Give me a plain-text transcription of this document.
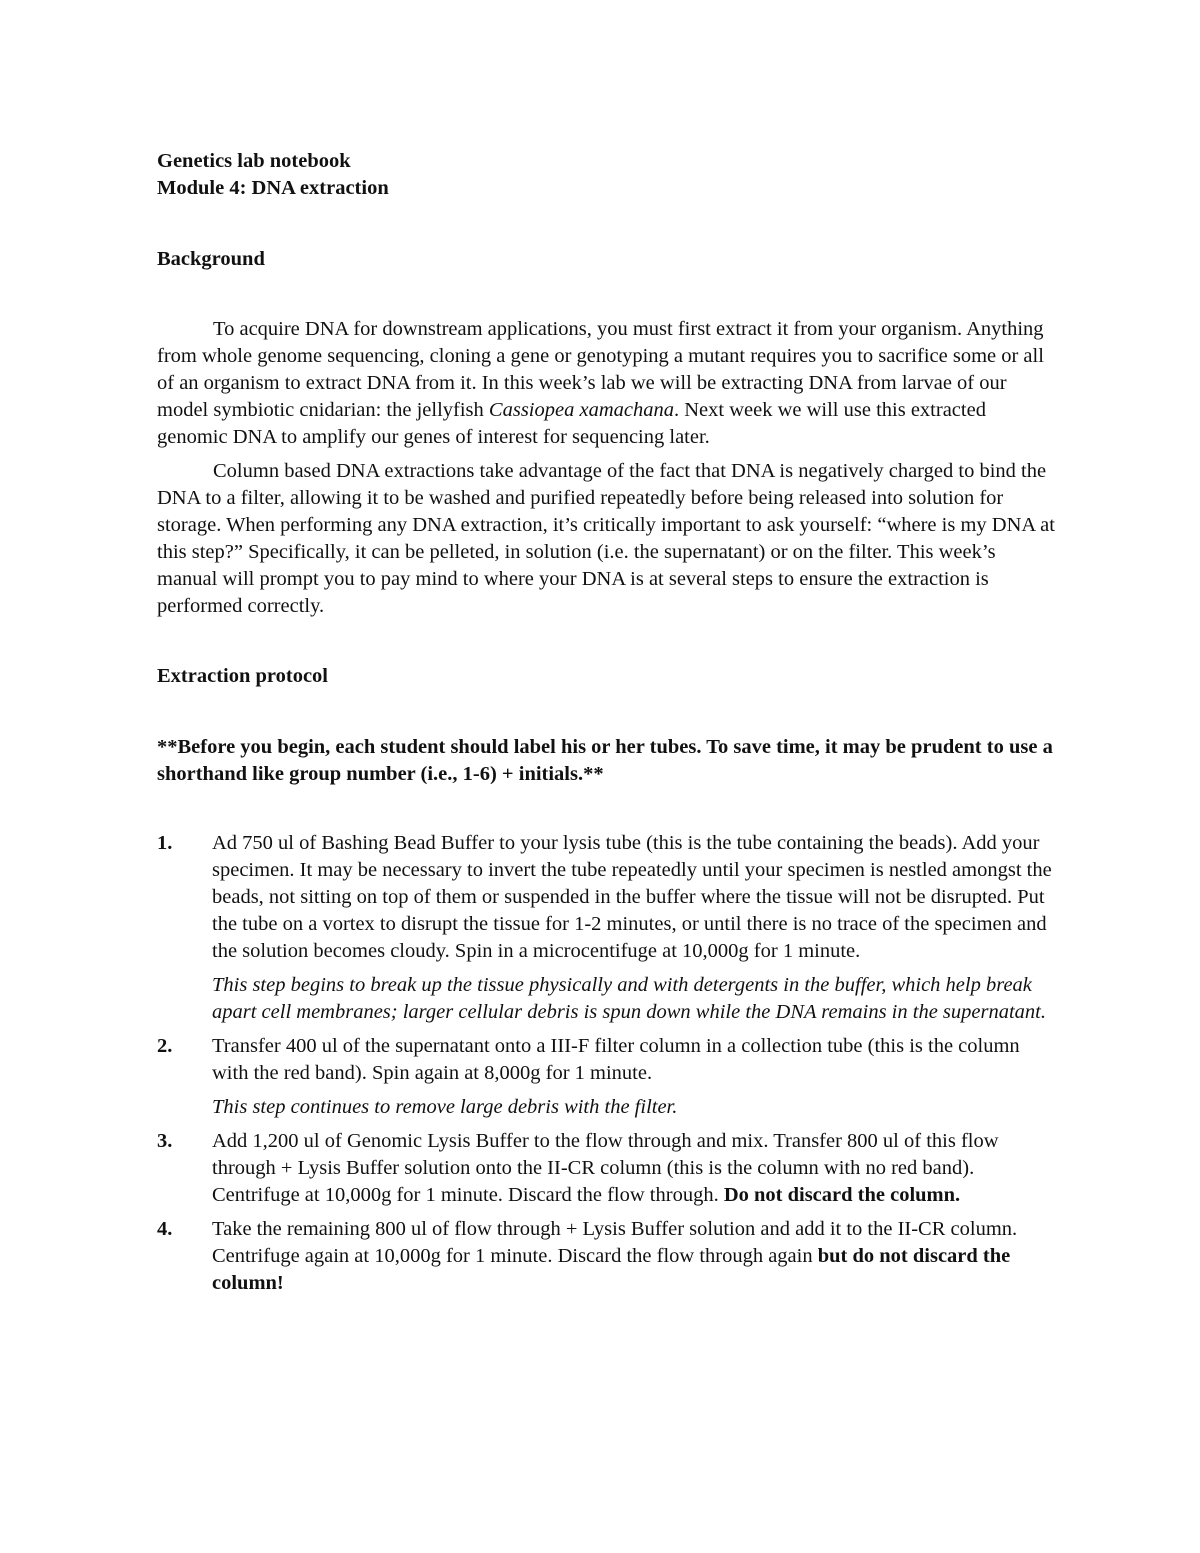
Genetics lab notebook

Module 4: DNA extraction

Background

To acquire DNA for downstream applications, you must first extract it from your organism. Anything from whole genome sequencing, cloning a gene or genotyping a mutant requires you to sacrifice some or all of an organism to extract DNA from it. In this week’s lab we will be extracting DNA from larvae of our model symbiotic cnidarian: the jellyfish Cassiopea xamachana. Next week we will use this extracted genomic DNA to amplify our genes of interest for sequencing later.

Column based DNA extractions take advantage of the fact that DNA is negatively charged to bind the DNA to a filter, allowing it to be washed and purified repeatedly before being released into solution for storage. When performing any DNA extraction, it’s critically important to ask yourself: “where is my DNA at this step?” Specifically, it can be pelleted, in solution (i.e. the supernatant) or on the filter. This week’s manual will prompt you to pay mind to where your DNA is at several steps to ensure the extraction is performed correctly.

Extraction protocol

**Before you begin, each student should label his or her tubes. To save time, it may be prudent to use a shorthand like group number (i.e., 1-6) + initials.**

1. Ad 750 ul of Bashing Bead Buffer to your lysis tube (this is the tube containing the beads). Add your specimen. It may be necessary to invert the tube repeatedly until your specimen is nestled amongst the beads, not sitting on top of them or suspended in the buffer where the tissue will not be disrupted. Put the tube on a vortex to disrupt the tissue for 1-2 minutes, or until there is no trace of the specimen and the solution becomes cloudy. Spin in a microcentifuge at 10,000g for 1 minute.

This step begins to break up the tissue physically and with detergents in the buffer, which help break apart cell membranes; larger cellular debris is spun down while the DNA remains in the supernatant.

2. Transfer 400 ul of the supernatant onto a III-F filter column in a collection tube (this is the column with the red band). Spin again at 8,000g for 1 minute.

This step continues to remove large debris with the filter.

3. Add 1,200 ul of Genomic Lysis Buffer to the flow through and mix. Transfer 800 ul of this flow through + Lysis Buffer solution onto the II-CR column (this is the column with no red band). Centrifuge at 10,000g for 1 minute. Discard the flow through. Do not discard the column.

4. Take the remaining 800 ul of flow through + Lysis Buffer solution and add it to the II-CR column. Centrifuge again at 10,000g for 1 minute. Discard the flow through again but do not discard the column!
